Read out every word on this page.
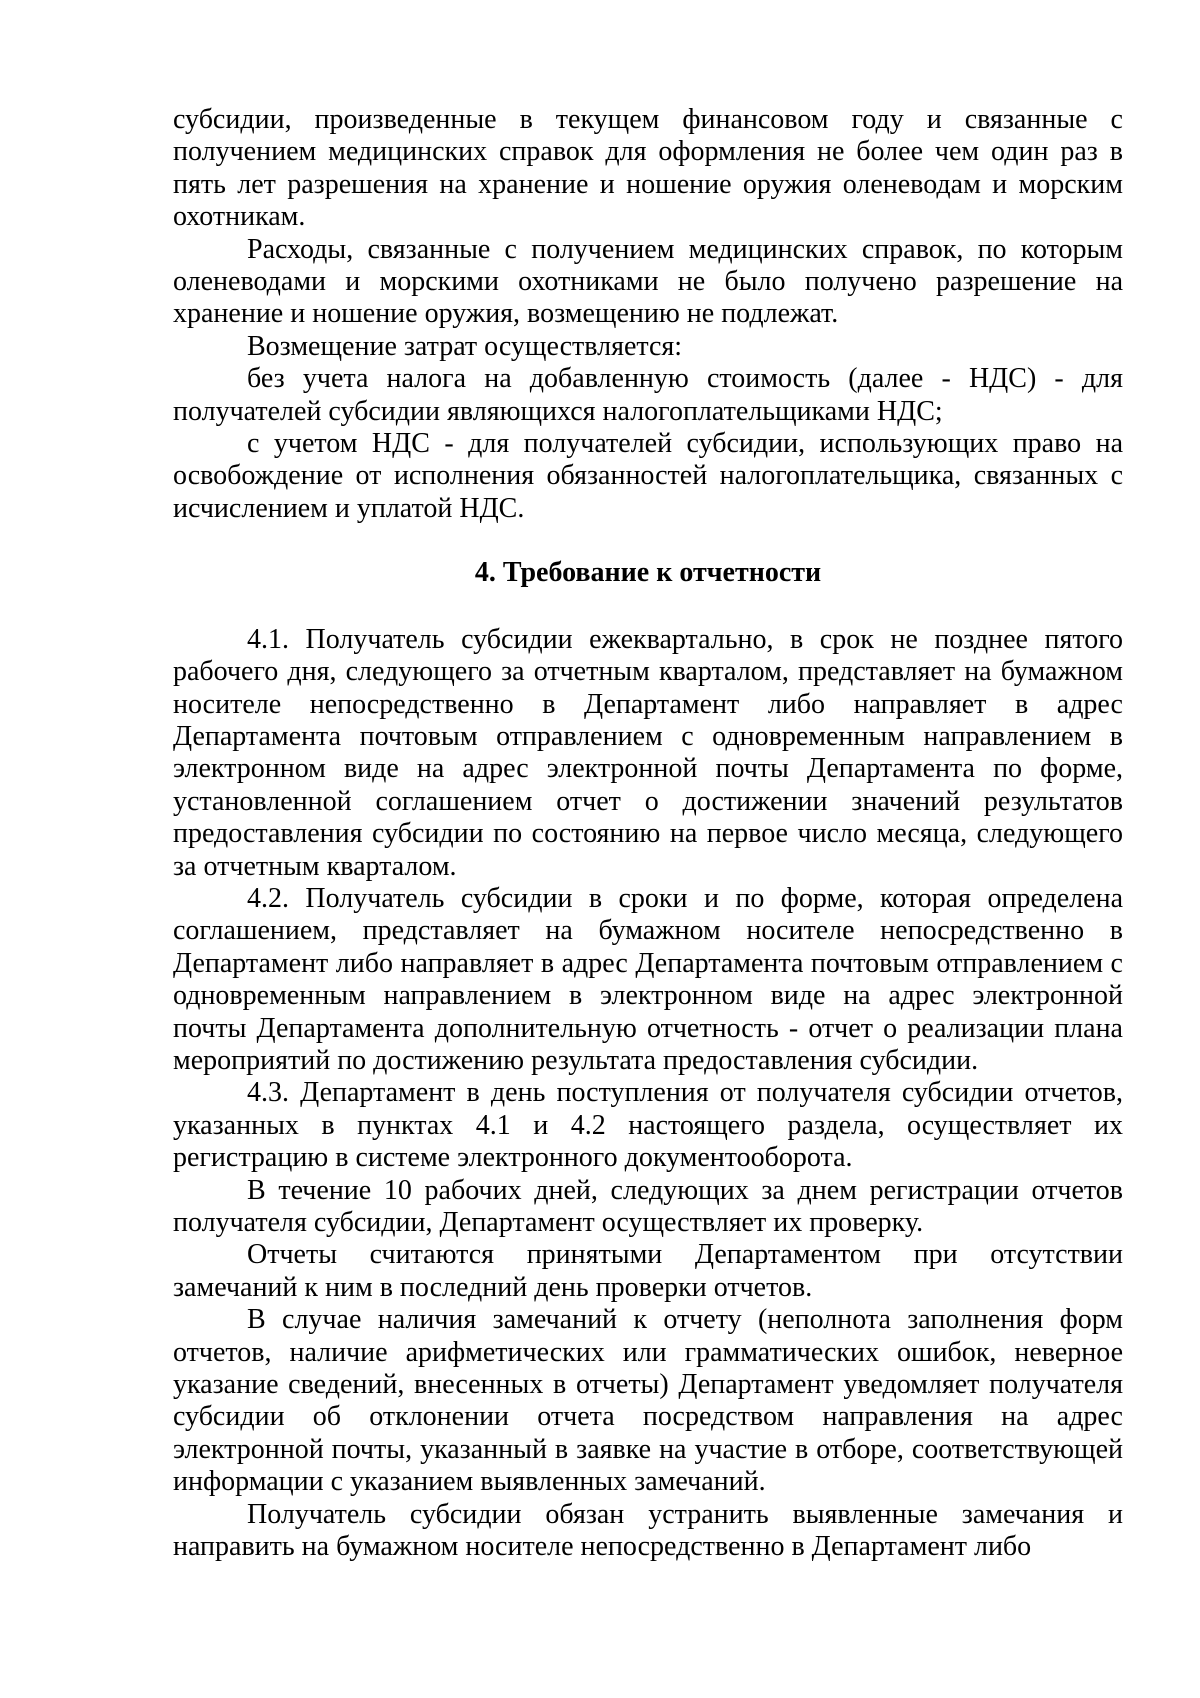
субсидии, произведенные в текущем финансовом году и связанные с получением медицинских справок для оформления не более чем один раз в пять лет разрешения на хранение и ношение оружия оленеводам и морским охотникам.

Расходы, связанные с получением медицинских справок, по которым оленеводами и морскими охотниками не было получено разрешение на хранение и ношение оружия, возмещению не подлежат.

Возмещение затрат осуществляется:

без учета налога на добавленную стоимость (далее - НДС) - для получателей субсидии являющихся налогоплательщиками НДС;

с учетом НДС - для получателей субсидии, использующих право на освобождение от исполнения обязанностей налогоплательщика, связанных с исчислением и уплатой НДС.

4. Требование к отчетности

4.1. Получатель субсидии ежеквартально, в срок не позднее пятого рабочего дня, следующего за отчетным кварталом, представляет на бумажном носителе непосредственно в Департамент либо направляет в адрес Департамента почтовым отправлением с одновременным направлением в электронном виде на адрес электронной почты Департамента по форме, установленной соглашением отчет о достижении значений результатов предоставления субсидии по состоянию на первое число месяца, следующего за отчетным кварталом.

4.2. Получатель субсидии в сроки и по форме, которая определена соглашением, представляет на бумажном носителе непосредственно в Департамент либо направляет в адрес Департамента почтовым отправлением с одновременным направлением в электронном виде на адрес электронной почты Департамента дополнительную отчетность - отчет о реализации плана мероприятий по достижению результата предоставления субсидии.

4.3. Департамент в день поступления от получателя субсидии отчетов, указанных в пунктах 4.1 и 4.2 настоящего раздела, осуществляет их регистрацию в системе электронного документооборота.

В течение 10 рабочих дней, следующих за днем регистрации отчетов получателя субсидии, Департамент осуществляет их проверку.

Отчеты считаются принятыми Департаментом при отсутствии замечаний к ним в последний день проверки отчетов.

В случае наличия замечаний к отчету (неполнота заполнения форм отчетов, наличие арифметических или грамматических ошибок, неверное указание сведений, внесенных в отчеты) Департамент уведомляет получателя субсидии об отклонении отчета посредством направления на адрес электронной почты, указанный в заявке на участие в отборе, соответствующей информации с указанием выявленных замечаний.

Получатель субсидии обязан устранить выявленные замечания и направить на бумажном носителе непосредственно в Департамент либо
